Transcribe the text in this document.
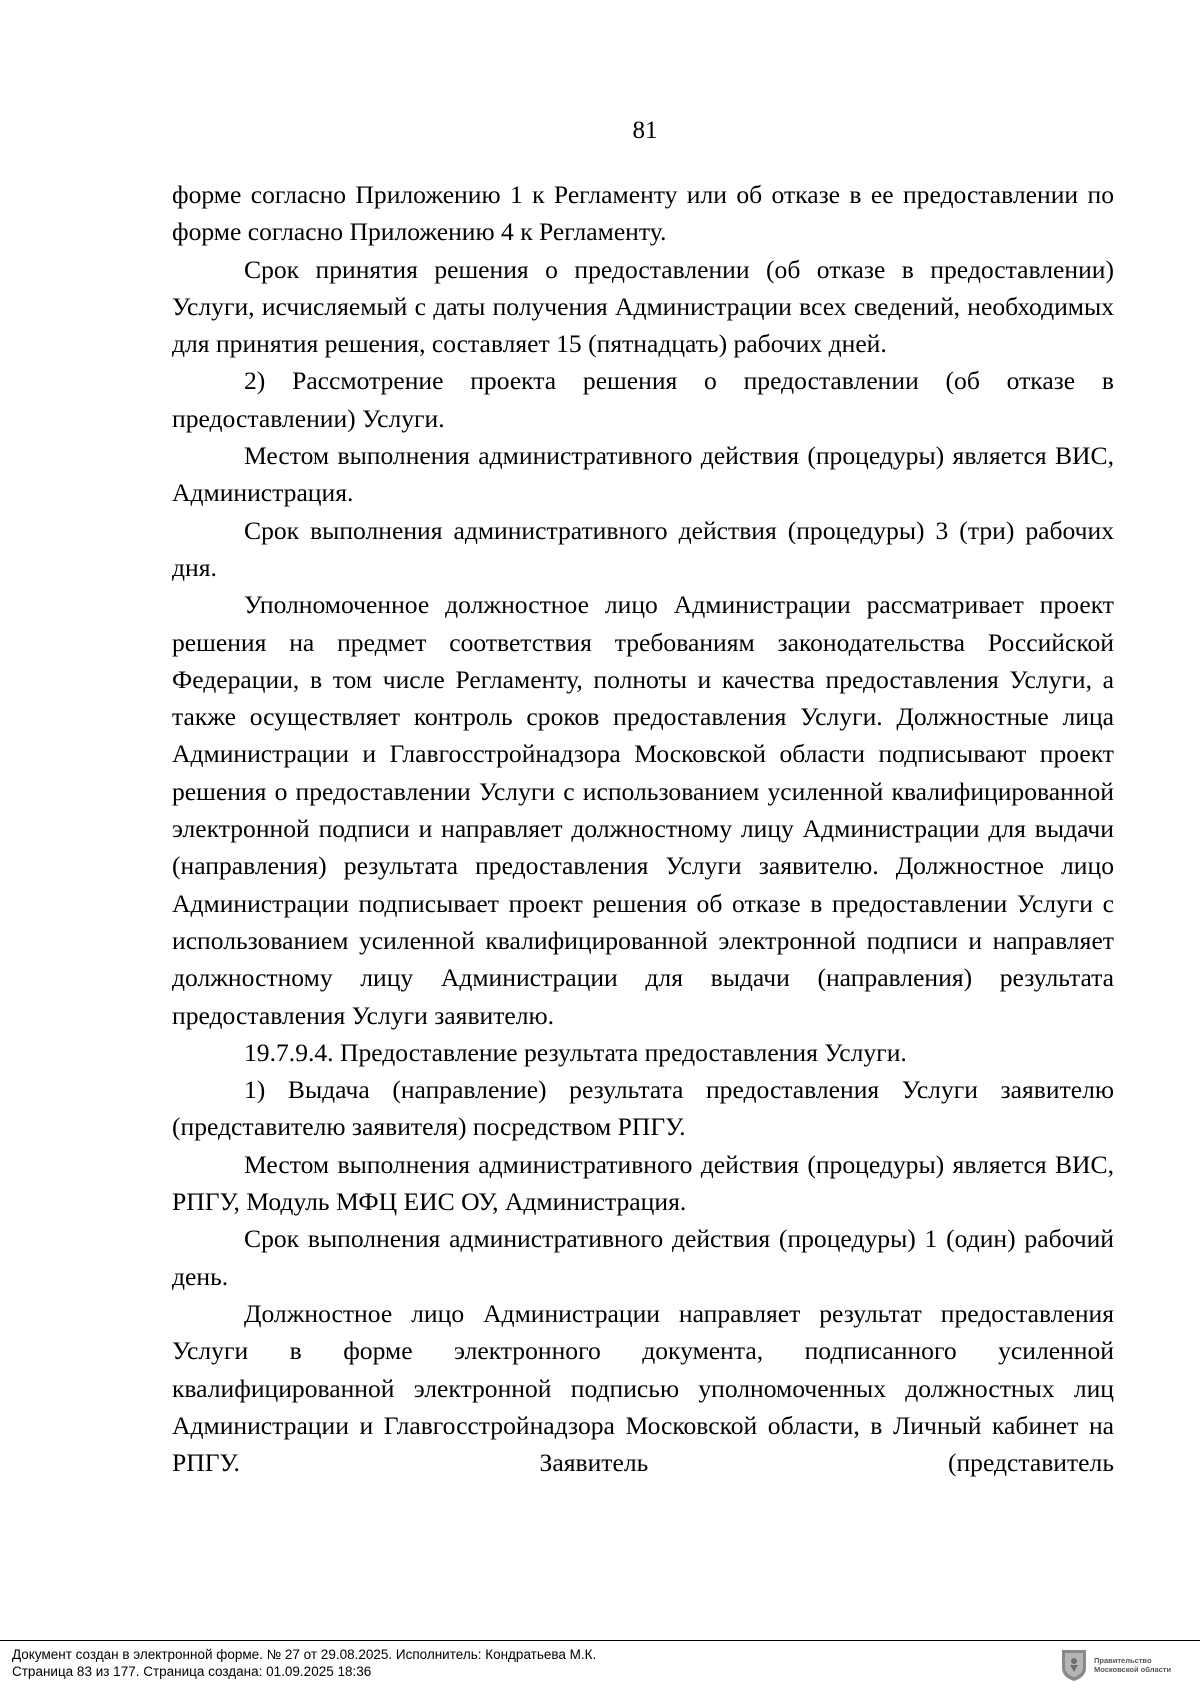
81

форме согласно Приложению 1 к Регламенту или об отказе в ее предоставлении по форме согласно Приложению 4 к Регламенту.

Срок принятия решения о предоставлении (об отказе в предоставлении) Услуги, исчисляемый с даты получения Администрации всех сведений, необходимых для принятия решения, составляет 15 (пятнадцать) рабочих дней.

2) Рассмотрение проекта решения о предоставлении (об отказе в предоставлении) Услуги.

Местом выполнения административного действия (процедуры) является ВИС, Администрация.

Срок выполнения административного действия (процедуры) 3 (три) рабочих дня.

Уполномоченное должностное лицо Администрации рассматривает проект решения на предмет соответствия требованиям законодательства Российской Федерации, в том числе Регламенту, полноты и качества предоставления Услуги, а также осуществляет контроль сроков предоставления Услуги. Должностные лица Администрации и Главгосстройнадзора Московской области подписывают проект решения о предоставлении Услуги с использованием усиленной квалифицированной электронной подписи и направляет должностному лицу Администрации для выдачи (направления) результата предоставления Услуги заявителю. Должностное лицо Администрации подписывает проект решения об отказе в предоставлении Услуги с использованием усиленной квалифицированной электронной подписи и направляет должностному лицу Администрации для выдачи (направления) результата предоставления Услуги заявителю.

19.7.9.4. Предоставление результата предоставления Услуги.

1) Выдача (направление) результата предоставления Услуги заявителю (представителю заявителя) посредством РПГУ.

Местом выполнения административного действия (процедуры) является ВИС, РПГУ, Модуль МФЦ ЕИС ОУ, Администрация.

Срок выполнения административного действия (процедуры) 1 (один) рабочий день.

Должностное лицо Администрации направляет результат предоставления Услуги в форме электронного документа, подписанного усиленной квалифицированной электронной подписью уполномоченных должностных лиц Администрации и Главгосстройнадзора Московской области, в Личный кабинет на РПГУ. Заявитель (представитель

Документ создан в электронной форме. № 27 от 29.08.2025. Исполнитель: Кондратьева М.К.
Страница 83 из 177. Страница создана: 01.09.2025 18:36
Правительство
Московской области
